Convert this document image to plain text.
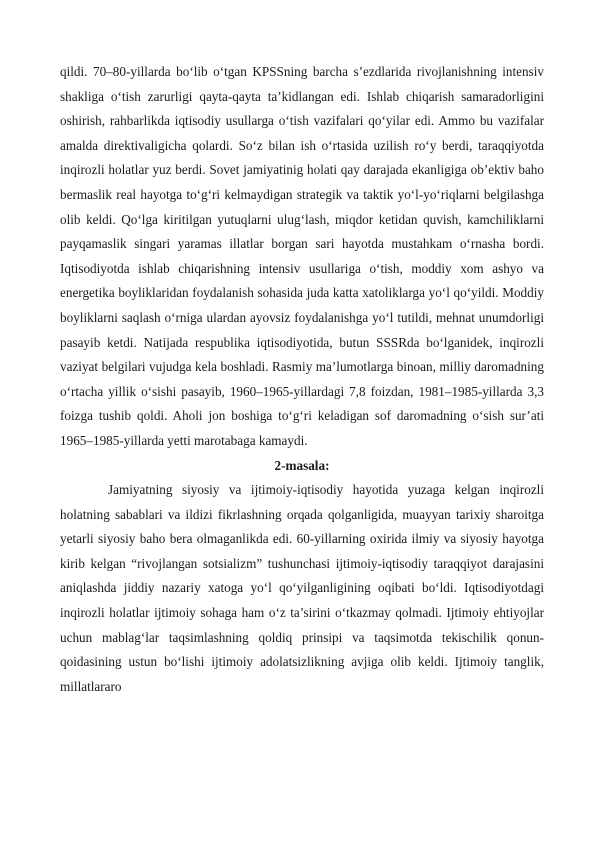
qildi. 70–80-yillarda bo‘lib o‘tgan KPSSning barcha s’ezdlarida rivojlanishning intensiv shakliga o‘tish zarurligi qayta-qayta ta’kidlangan edi. Ishlab chiqarish samaradorligini oshirish, rahbarlikda iqtisodiy usullarga o‘tish vazifalari qo‘yilar edi. Ammo bu vazifalar amalda direktivaligicha qolardi. So‘z bilan ish o‘rtasida uzilish ro‘y berdi, taraqqiyotda inqirozli holatlar yuz berdi. Sovet jamiyatinig holati qay darajada ekanligiga ob’ektiv baho bermaslik real hayotga to‘g‘ri kelmaydigan strategik va taktik yo‘l-yo‘riqlarni belgilashga olib keldi. Qo‘lga kiritilgan yutuqlarni ulug‘lash, miqdor ketidan quvish, kamchiliklarni payqamaslik singari yaramas illatlar borgan sari hayotda mustahkam o‘rnasha bordi. Iqtisodiyotda ishlab chiqarishning intensiv usullariga o‘tish, moddiy xom ashyo va energetika boyliklaridan foydalanish sohasida juda katta xatoliklarga yo‘l qo‘yildi. Moddiy boyliklarni saqlash o‘rniga ulardan ayovsiz foydalanishga yo‘l tutildi, mehnat unumdorligi pasayib ketdi. Natijada respublika iqtisodiyotida, butun SSSRda bo‘lganidek, inqirozli vaziyat belgilari vujudga kela boshladi. Rasmiy ma’lumotlarga binoan, milliy daromadning o‘rtacha yillik o‘sishi pasayib, 1960–1965-yillardagi 7,8 foizdan, 1981–1985-yillarda 3,3 foizga tushib qoldi. Aholi jon boshiga to‘g‘ri keladigan sof daromadning o‘sish sur’ati 1965–1985-yillarda yetti marotabaga kamaydi.

2-masala:

Jamiyatning siyosiy va ijtimoiy-iqtisodiy hayotida yuzaga kelgan inqirozli holatning sabablari va ildizi fikrlashning orqada qolganligida, muayyan tarixiy sharoitga yetarli siyosiy baho bera olmaganlikda edi. 60-yillarning oxirida ilmiy va siyosiy hayotga kirib kelgan “rivojlangan sotsializm” tushunchasi ijtimoiy-iqtisodiy taraqqiyot darajasini aniqlashda jiddiy nazariy xatoga yo‘l qo‘yilganligining oqibati bo‘ldi. Iqtisodiyotdagi inqirozli holatlar ijtimoiy sohaga ham o‘z ta’sirini o‘tkazmay qolmadi. Ijtimoiy ehtiyojlar uchun mablag‘lar taqsimlashning qoldiq prinsipi va taqsimotda tekischilik qonun-qoidasining ustun bo‘lishi ijtimoiy adolatsizlikning avjiga olib keldi. Ijtimoiy tanglik, millatlararo
